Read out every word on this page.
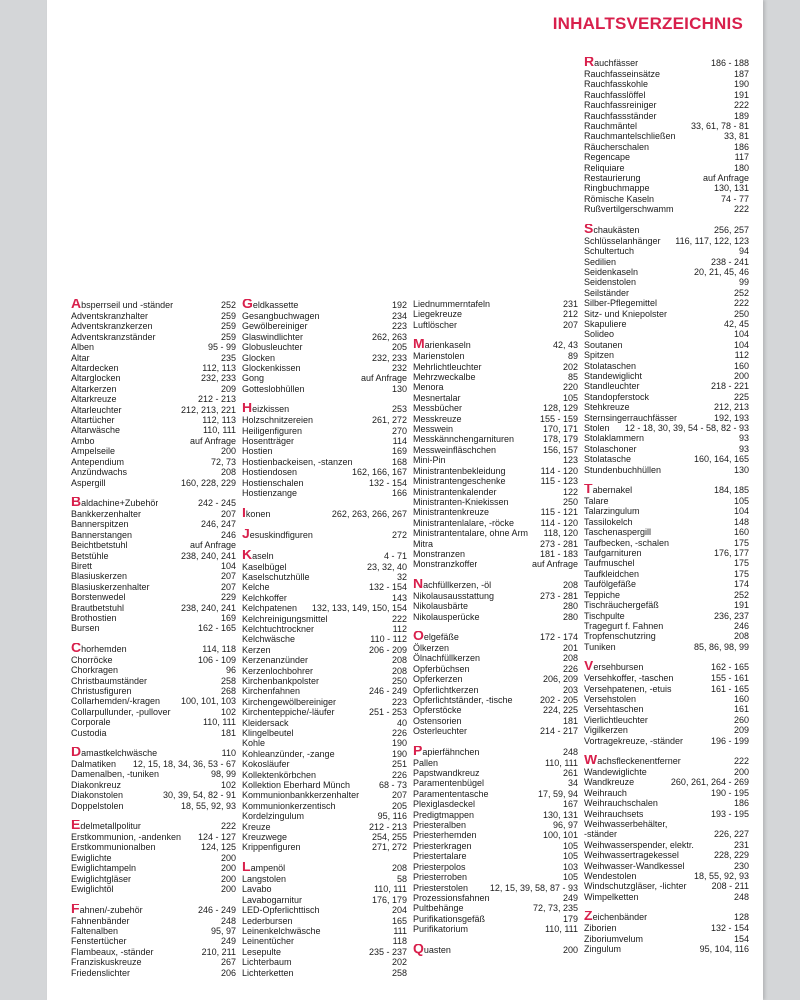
INHALTSVERZEICHNIS
Absperrseil und -ständer	252
Adventskranzhalter	259
Adventskranzkerzen	259
Adventskranzständer	259
Alben	95 - 99
Altar	235
Altardecken	112, 113
Altarglocken	232, 233
Altarkerzen	209
Altarkreuze	212 - 213
Altarleuchter	212, 213, 221
Altartücher	112, 113
Altarwäsche	110, 111
Ambo	auf Anfrage
Ampelseile	200
Antependium	72, 73
Anzündwachs	208
Aspergill	160, 228, 229
Baldachine+Zubehör	242 - 245
Bankkerzenhalter	207
Bannerspitzen	246, 247
Bannerstangen	246
Beichtbetstuhl	auf Anfrage
Betstühle	238, 240, 241
Birett	104
Blasiuskerzen	207
Blasiuskerzenhalter	207
Borstenwedel	229
Brautbetstuhl	238, 240, 241
Brothostien	169
Bursen	162 - 165
Chorhemden	114, 118
Chorröcke	106 - 109
Chorkragen	96
Christbaumständer	258
Christusfiguren	268
Collarhemden/-kragen 100, 101, 103
Collarpullunder, -pullover	102
Corporale	110, 111
Custodia	181
Damastkelchwäsche	110
Dalmatiken 12, 15, 18, 34, 36, 53 - 67
Damenalben, -tuniken	98, 99
Diakonkreuz	102
Diakonstolen	30, 39, 54, 82 - 91
Doppelstolen	18, 55, 92, 93
Edelmetallpolitur	222
Erstkommunion, -andenken 124 - 127
Erstkommunionalben	124, 125
Ewiglichte	200
Ewiglichtampeln	200
Ewiglichtgläser	200
Ewiglichtöl	200
Fahnen/-zubehör	246 - 249
Fahnenbänder	248
Faltenalben	95, 97
Fenstertücher	249
Flambeaux, -ständer	210, 211
Franziskuskreuze	267
Friedenslichter	206
Geldkassette	192
Gesangbuchwagen	234
Gewölbereiniger	223
Glaswindlichter	262, 263
Globusleuchter	205
Glocken	232, 233
Glockenkissen	232
Gong	auf Anfrage
Gotteslobhüllen	130
Heizkissen	253
Holzschnitzereien	261, 272
Heiligenfiguren	270
Hosentträger	114
Hostien	169
Hostienbackeisen, -stanzen	168
Hostiendosen	162, 166, 167
Hostienschalen	132 - 154
Hostienzange	166
Ikonen	262, 263, 266, 267
Jesuskindfiguren	272
Kaseln	4 - 71
Kaselbügel	23, 32, 40
Kaselschutzhülle	32
Kelche	132 - 154
Kelchkoffer	143
Kelchpatenen 132, 133, 149, 150, 154
Kelchreinigungsmittel	222
Kelchtuchtrockner	112
Kelchwäsche	110 - 112
Kerzen	206 - 209
Kerzenanzünder	208
Kerzenlochbohrer	208
Kirchenbankpolster	250
Kirchenfahnen	246 - 249
Kirchengewölbereiniger	223
Kirchenteppiche/-läufer	251 - 253
Kleidersack	40
Klingelbeutel	226
Kohle	190
Kohleanzünder, -zange	190
Kokosläufer	251
Kollektenkörbchen	226
Kollektion Eberhard Münch	68 - 73
Kommunionbankkerzenhalter	207
Kommunionkerzentisch	205
Kordelzingulum	95, 116
Kreuze	212 - 213
Kreuzwege	254, 255
Krippenfiguren	271, 272
Lampenöl	208
Langstolen	58
Lavabo	110, 111
Lavabogarnitur	176, 179
LED-Opferlichttisch	204
Lederbursen	165
Leinenkelchwäsche	111
Leinentücher	118
Lesepulte	235 - 237
Lichterbaum	202
Lichterketten	258
Liednummerntafeln	231
Liegekreuze	212
Luftlöscher	207
Marienkaseln	42, 43
Marienstolen	89
Mehrlichtleuchter	202
Mehrzweckalbe	85
Menora	220
Mesnertalar	105
Messbücher	128, 129
Messkreuze	155 - 159
Messwein	170, 171
Messkännchengarnituren	178, 179
Messweinfläschchen	156, 157
Mini-Pin	123
Ministrantenbekleidung	114 - 120
Ministrantengeschenke	115 - 123
Ministrantenkalender	122
Ministranten-Kniekissen	250
Ministrantenkreuze	115 - 121
Ministrantenlalare, -röcke	114 - 120
Ministrantentalare, ohne Arm 118, 120
Mitra	273 - 281
Monstranzen	181 - 183
Monstranzkoffer	auf Anfrage
Nachfüllkerzen, -öl	208
Nikolausausstattung	273 - 281
Nikolausbärte	280
Nikolausperücke	280
Oelgefäße	172 - 174
Ölkerzen	201
Ölnachfüllkerzen	208
Opferbüchsen	226
Opferkerzen	206, 209
Opferlichtkerzen	203
Opferlichtständer, -tische	202 - 205
Opferstöcke	224, 225
Ostensorien	181
Osterleuchter	214 - 217
Papierfähnchen	248
Pallen	110, 111
Papstwandkreuz	261
Paramentenbügel	34
Paramententasche	17, 59, 94
Plexiglasdeckel	167
Predigtmappen	130, 131
Priesteralben	96, 97
Priesterhemden	100, 101
Priesterkragen	105
Priestertalare	105
Priesterpolos	103
Priesterroben	105
Priesterstolen 12, 15, 39, 58, 87 - 93
Prozessionsfahnen	249
Pultbehänge	72, 73, 235
Purifikationsgefäß	179
Purifikatorium	110, 111
Quasten	200
Rauchfässer	186 - 188
Rauchfasseinsätze	187
Rauchfasskohle	190
Rauchfasslöffel	191
Rauchfassreiniger	222
Rauchfassständer	189
Rauchmäntel	33, 61, 78 - 81
Rauchmantelschließen	33, 81
Räucherschalen	186
Regencape	117
Reliquiare	180
Restaurierung	auf Anfrage
Ringbuchmappe	130, 131
Römische Kaseln	74 - 77
Rußvertilgerschwamm	222
Schaukästen	256, 257
Schlüsselanhänger 116, 117, 122, 123
Schultertuch	94
Sedilien	238 - 241
Seidenkaseln	20, 21, 45, 46
Seidenstolen	99
Seilständer	252
Silber-Pflegemittel	222
Sitz- und Kniepolster	250
Skapuliere	42, 45
Solideo	104
Soutanen	104
Spitzen	112
Stolataschen	160
Standewiglicht	200
Standleuchter	218 - 221
Standopferstock	225
Stehkreuze	212, 213
Sternsingerrauchfässer	192, 193
Stolen 12 - 18, 30, 39, 54 - 58, 82 - 93
Stolaklammern	93
Stolaschoner	93
Stolatasche	160, 164, 165
Stundenbuchhüllen	130
Tabernakel	184, 185
Talare	105
Talarzingulum	104
Tassilokelch	148
Taschenaspergill	160
Taufbecken, -schalen	175
Taufgarnituren	176, 177
Taufmuschel	175
Taufkleidchen	175
Taufölgefäße	174
Teppiche	252
Tischräuchergefäß	191
Tischpulte	236, 237
Tragegurt f. Fahnen	246
Tropfenschutzring	208
Tuniken	85, 86, 98, 99
Versehbursen	162 - 165
Versehkoffer, -taschen	155 - 161
Versehpatenen, -etuis	161 - 165
Versehstolen	160
Versehtaschen	161
Vierlichtleuchter	260
Vigilkerzen	209
Vortragekreuze, -ständer	196 - 199
Wachsfleckenentferner	222
Wandewiglichte	200
Wandkreuze	260, 261, 264 - 269
Weihrauch	190 - 195
Weihrauchschalen	186
Weihrauchsets	193 - 195
Weihwasserbehälter,
-ständer	226, 227
Weihwasserspender, elektr.	231
Weihwassertragekessel	228, 229
Weihwasser-Wandkessel	230
Wendestolen	18, 55, 92, 93
Windschutzgläser, -lichter	208 - 211
Wimpelketten	248
Zeichenbänder	128
Ziborien	132 - 154
Ziboriumvelum	154
Zingulum	95, 104, 116
